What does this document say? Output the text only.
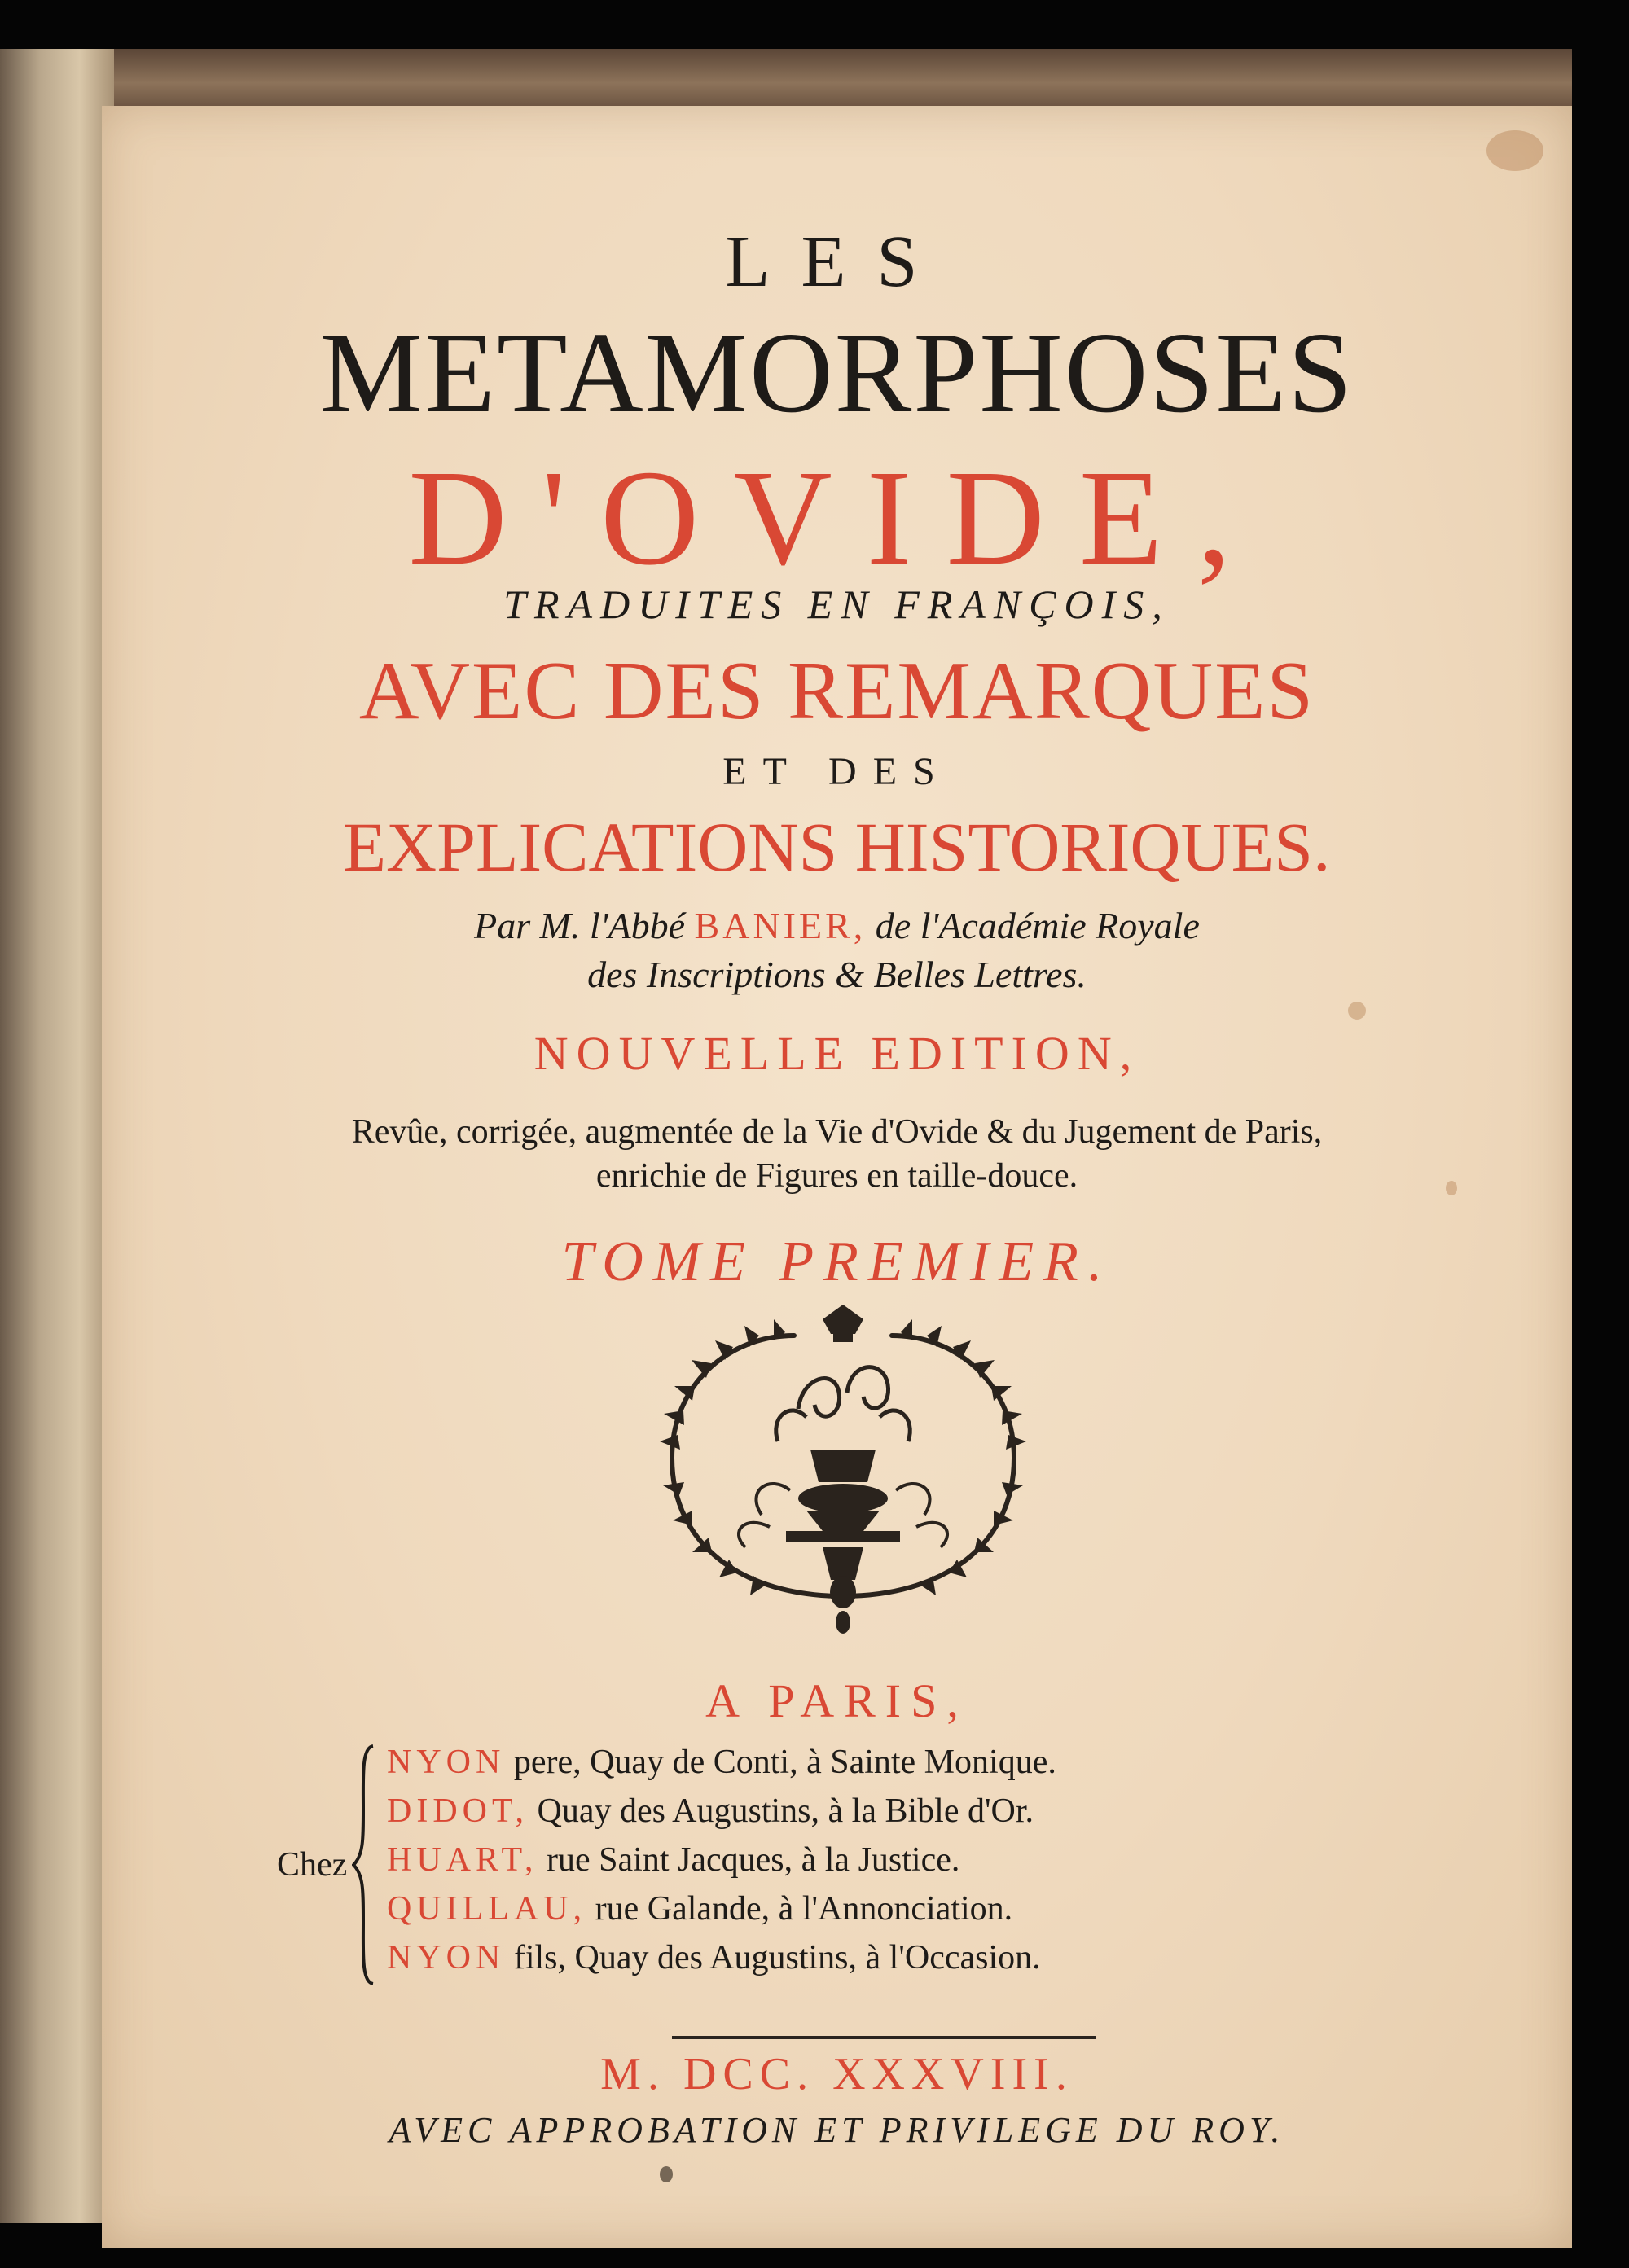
LES
METAMORPHOSES
D'OVIDE,
TRADUITES EN FRANÇOIS,
AVEC DES REMARQUES
ET DES
EXPLICATIONS HISTORIQUES.
Par M. l'Abbé BANIER, de l'Académie Royale
des Inscriptions & Belles Lettres.
NOUVELLE EDITION,
Revûe, corrigée, augmentée de la Vie d'Ovide & du Jugement de Paris,
enrichie de Figures en taille-douce.
TOME PREMIER.
A PARIS,
Chez
NYON pere, Quay de Conti, à Sainte Monique.
DIDOT, Quay des Augustins, à la Bible d'Or.
HUART, rue Saint Jacques, à la Justice.
QUILLAU, rue Galande, à l'Annonciation.
NYON fils, Quay des Augustins, à l'Occasion.
M. DCC. XXXVIII.
AVEC APPROBATION ET PRIVILEGE DU ROY.
